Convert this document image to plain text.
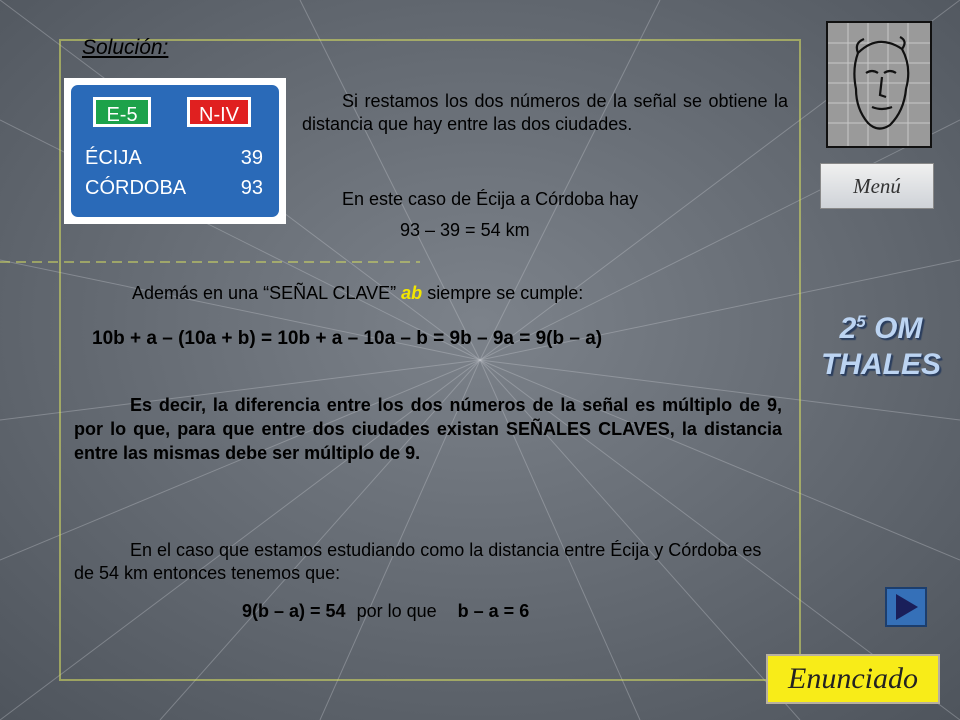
Solución:
E-5	N-IV
ÉCIJA	39
CÓRDOBA	93
Si restamos los dos números de la señal se obtiene la distancia que hay entre las dos ciudades.
En este caso de Écija a Córdoba hay
93 – 39 = 54 km
Además en una “SEÑAL CLAVE” ab siempre se cumple:
10b + a – (10a + b) = 10b + a – 10a – b = 9b – 9a = 9(b – a)
Es decir, la diferencia entre los dos números de la señal es múltiplo de 9, por lo que, para que entre dos ciudades existan SEÑALES CLAVES, la distancia entre las mismas debe ser múltiplo de 9.
En el caso que estamos estudiando como la distancia entre Écija y Córdoba es de 54 km entonces tenemos que:
9(b – a) = 54 por lo que b – a = 6
Menú
$2^5$ OM
THALES
Enunciado
